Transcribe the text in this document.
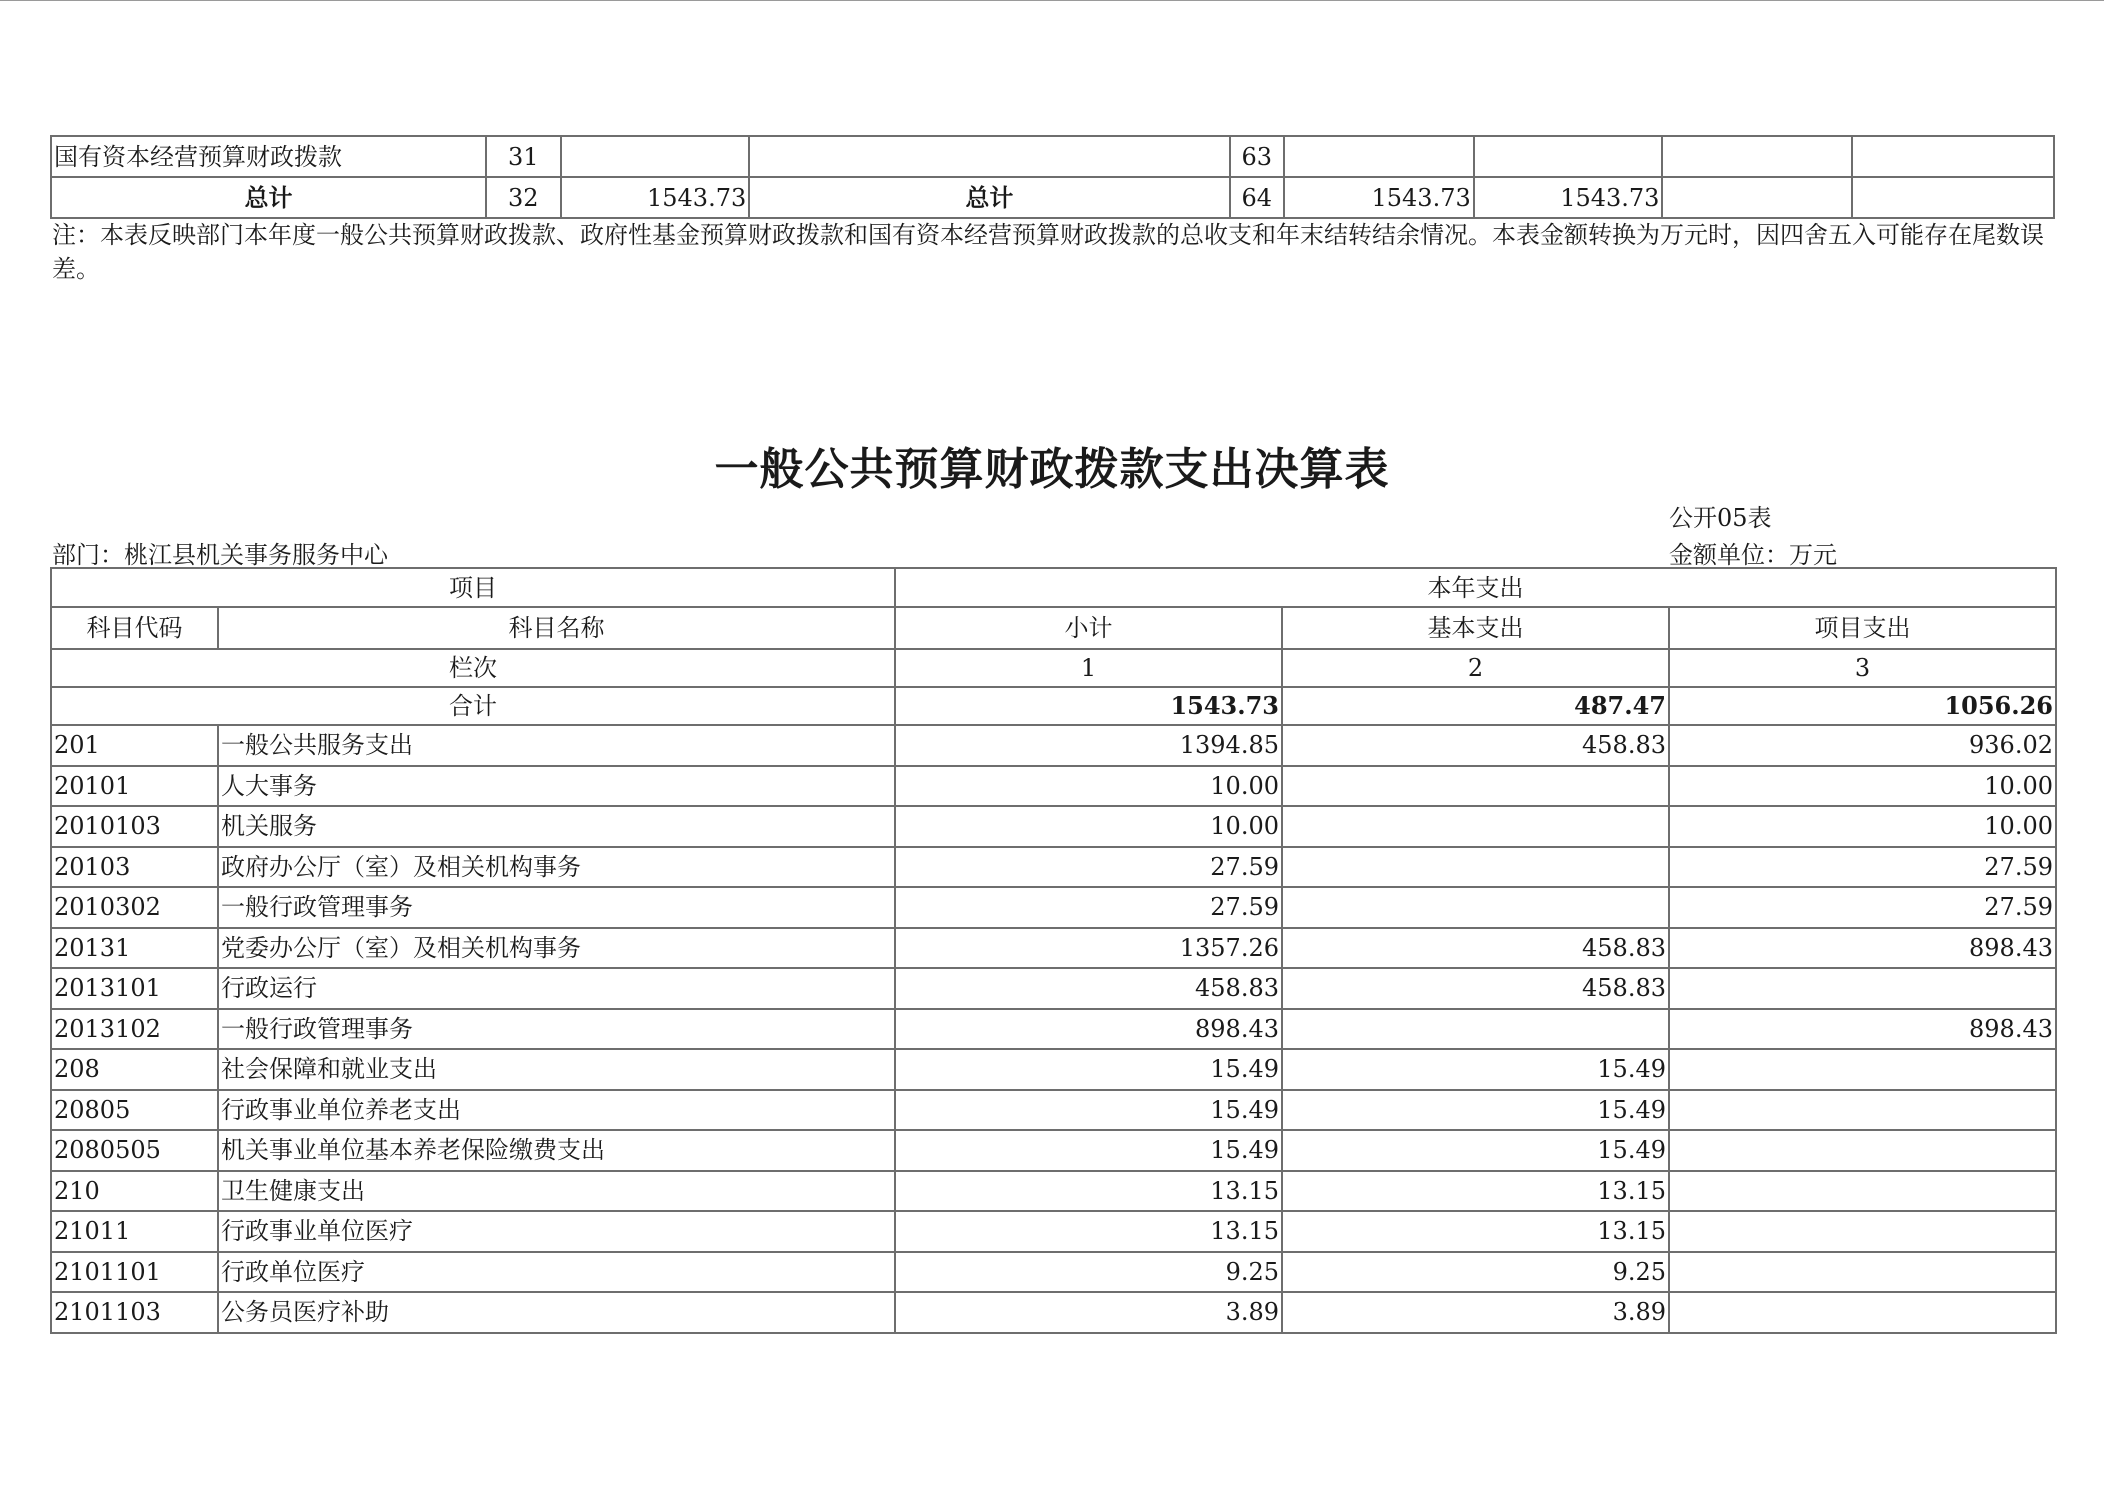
国有资本经营预算财政拨款	31			63				
总计	32	1543.73	总计	64	1543.73	1543.73		
注：本表反映部门本年度一般公共预算财政拨款、政府性基金预算财政拨款和国有资本经营预算财政拨款的总收支和年末结转结余情况。本表金额转换为万元时，因四舍五入可能存在尾数误差。
一般公共预算财政拨款支出决算表
公开05表
部门：桃江县机关事务服务中心	金额单位：万元
项目		本年支出		
科目代码	科目名称	小计	基本支出	项目支出
栏次		1	2	3
合计		1543.73	487.47	1056.26
201	一般公共服务支出	1394.85	458.83	936.02
20101	人大事务	10.00		10.00
2010103	机关服务	10.00		10.00
20103	政府办公厅（室）及相关机构事务	27.59		27.59
2010302	一般行政管理事务	27.59		27.59
20131	党委办公厅（室）及相关机构事务	1357.26	458.83	898.43
2013101	行政运行	458.83	458.83	
2013102	一般行政管理事务	898.43		898.43
208	社会保障和就业支出	15.49	15.49	
20805	行政事业单位养老支出	15.49	15.49	
2080505	机关事业单位基本养老保险缴费支出	15.49	15.49	
210	卫生健康支出	13.15	13.15	
21011	行政事业单位医疗	13.15	13.15	
2101101	行政单位医疗	9.25	9.25	
2101103	公务员医疗补助	3.89	3.89	
